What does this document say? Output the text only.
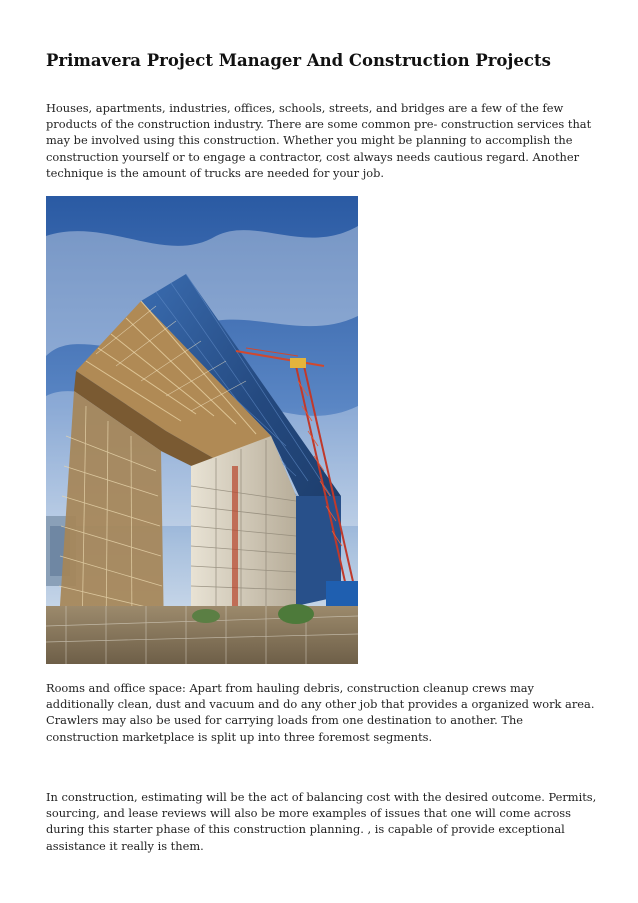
Primavera Project Manager And Construction Projects

Houses, apartments, industries, offices, schools, streets, and bridges are a few of the few products of the construction industry. There are some common pre- construction services that may be involved using this construction. Whether you might be planning to accomplish the construction yourself or to engage a contractor, cost always needs cautious regard. Another technique is the amount of trucks are needed for your job.

Rooms and office space: Apart from hauling debris, construction cleanup crews may additionally clean, dust and vacuum and do any other job that provides a organized work area. Crawlers may also be used for carrying loads from one destination to another. The construction marketplace is split up into three foremost segments.

In construction, estimating will be the act of balancing cost with the desired outcome. Permits, sourcing, and lease reviews will also be more examples of issues that one will come across during this starter phase of this construction planning. , is capable of provide exceptional assistance it really is them.
